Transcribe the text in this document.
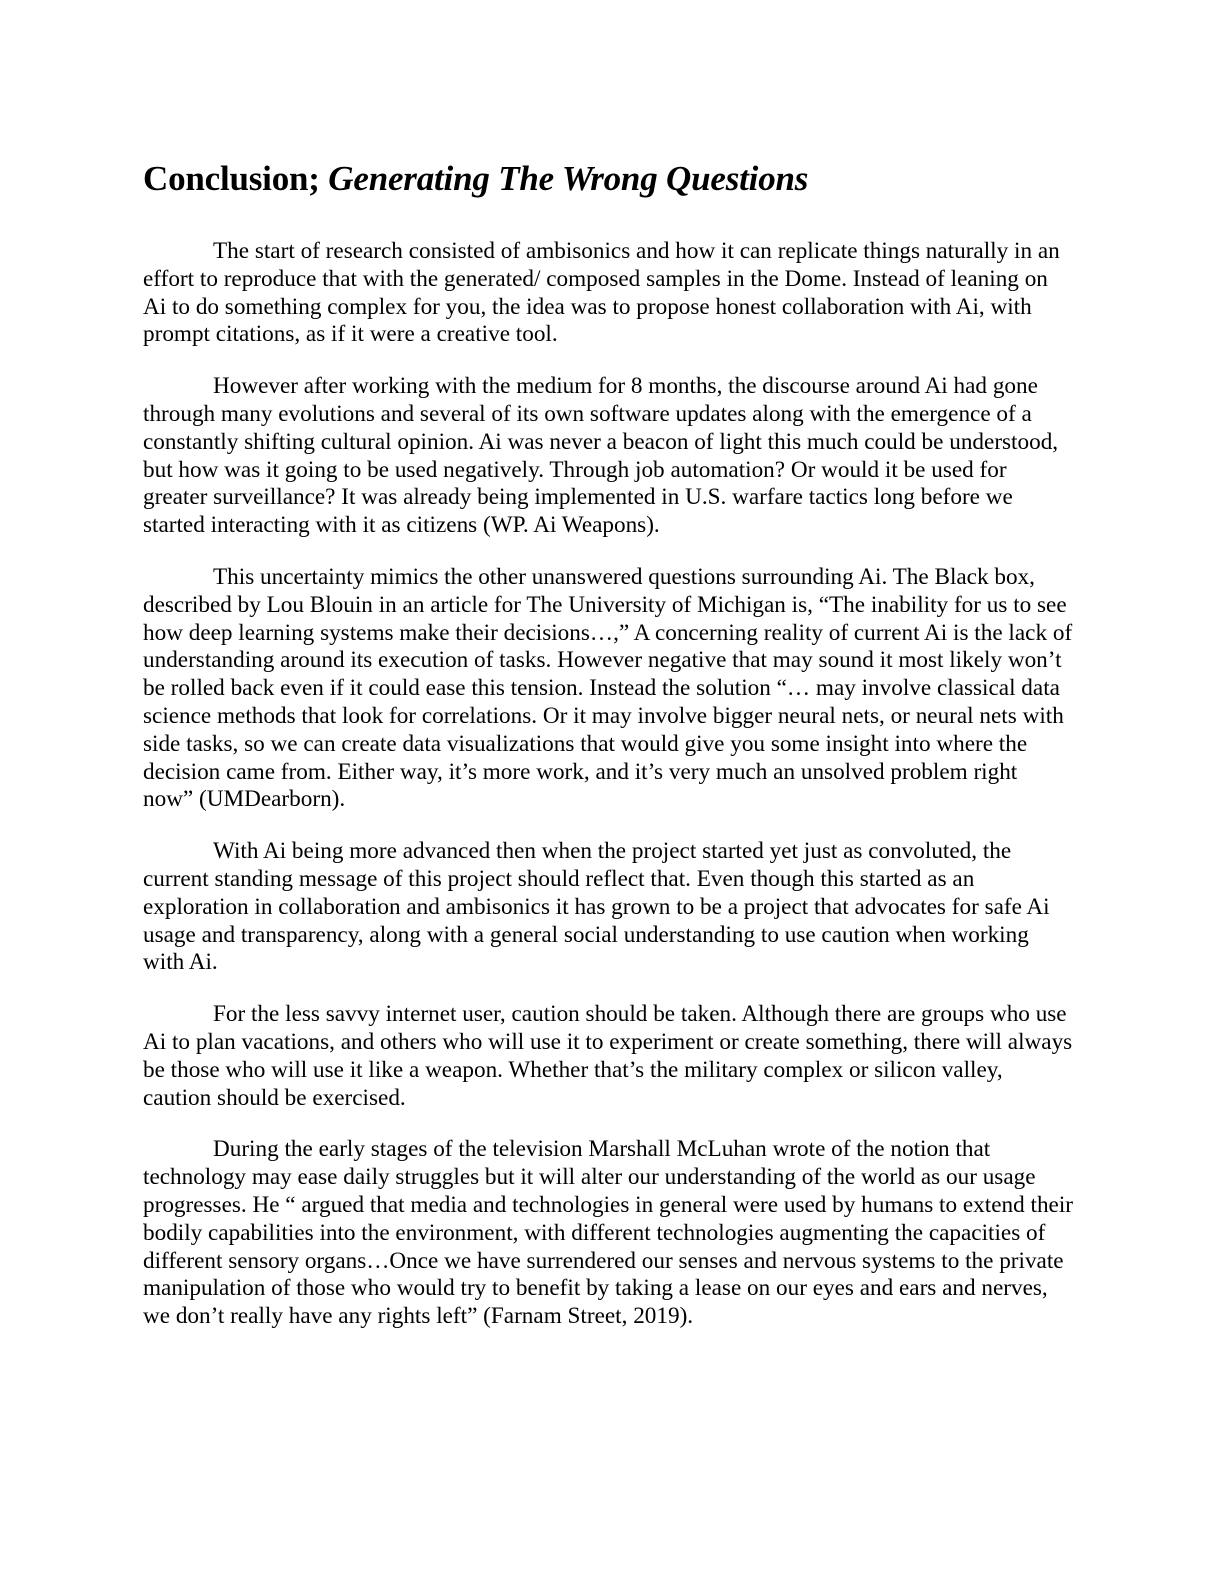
Conclusion; Generating The Wrong Questions

The start of research consisted of ambisonics and how it can replicate things naturally in an effort to reproduce that with the generated/ composed samples in the Dome. Instead of leaning on Ai to do something complex for you, the idea was to propose honest collaboration with Ai, with prompt citations, as if it were a creative tool.

However after working with the medium for 8 months, the discourse around Ai had gone through many evolutions and several of its own software updates along with the emergence of a constantly shifting cultural opinion. Ai was never a beacon of light this much could be understood, but how was it going to be used negatively. Through job automation? Or would it be used for greater surveillance? It was already being implemented in U.S. warfare tactics long before we started interacting with it as citizens (WP. Ai Weapons).

This uncertainty mimics the other unanswered questions surrounding Ai. The Black box, described by Lou Blouin in an article for The University of Michigan is, “The inability for us to see how deep learning systems make their decisions…,” A concerning reality of current Ai is the lack of understanding around its execution of tasks. However negative that may sound it most likely won’t be rolled back even if it could ease this tension. Instead the solution “… may involve classical data science methods that look for correlations. Or it may involve bigger neural nets, or neural nets with side tasks, so we can create data visualizations that would give you some insight into where the decision came from. Either way, it’s more work, and it’s very much an unsolved problem right now” (UMDearborn).

With Ai being more advanced then when the project started yet just as convoluted, the current standing message of this project should reflect that. Even though this started as an exploration in collaboration and ambisonics it has grown to be a project that advocates for safe Ai usage and transparency, along with a general social understanding to use caution when working with Ai.

For the less savvy internet user, caution should be taken. Although there are groups who use Ai to plan vacations, and others who will use it to experiment or create something, there will always be those who will use it like a weapon. Whether that’s the military complex or silicon valley, caution should be exercised.

During the early stages of the television Marshall McLuhan wrote of the notion that technology may ease daily struggles but it will alter our understanding of the world as our usage progresses. He “ argued that media and technologies in general were used by humans to extend their bodily capabilities into the environment, with different technologies augmenting the capacities of different sensory organs…Once we have surrendered our senses and nervous systems to the private manipulation of those who would try to benefit by taking a lease on our eyes and ears and nerves, we don’t really have any rights left” (Farnam Street, 2019).
